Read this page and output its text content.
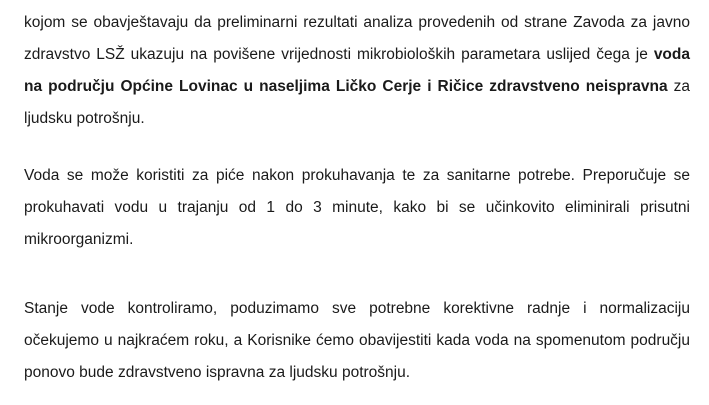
kojom se obavještavaju da preliminarni rezultati analiza provedenih od strane Zavoda za javno zdravstvo LSŽ ukazuju na povišene vrijednosti mikrobioloških parametara uslijed čega je voda na području Općine Lovinac u naseljima Ličko Cerje i Ričice zdravstveno neispravna za ljudsku potrošnju.

Voda se može koristiti za piće nakon prokuhavanja te za sanitarne potrebe. Preporučuje se prokuhavati vodu u trajanju od 1 do 3 minute, kako bi se učinkovito eliminirali prisutni mikroorganizmi.

Stanje vode kontroliramo, poduzimamo sve potrebne korektivne radnje i normalizaciju očekujemo u najkraćem roku, a Korisnike ćemo obavijestiti kada voda na spomenutom području ponovo bude zdravstveno ispravna za ljudsku potrošnju.
